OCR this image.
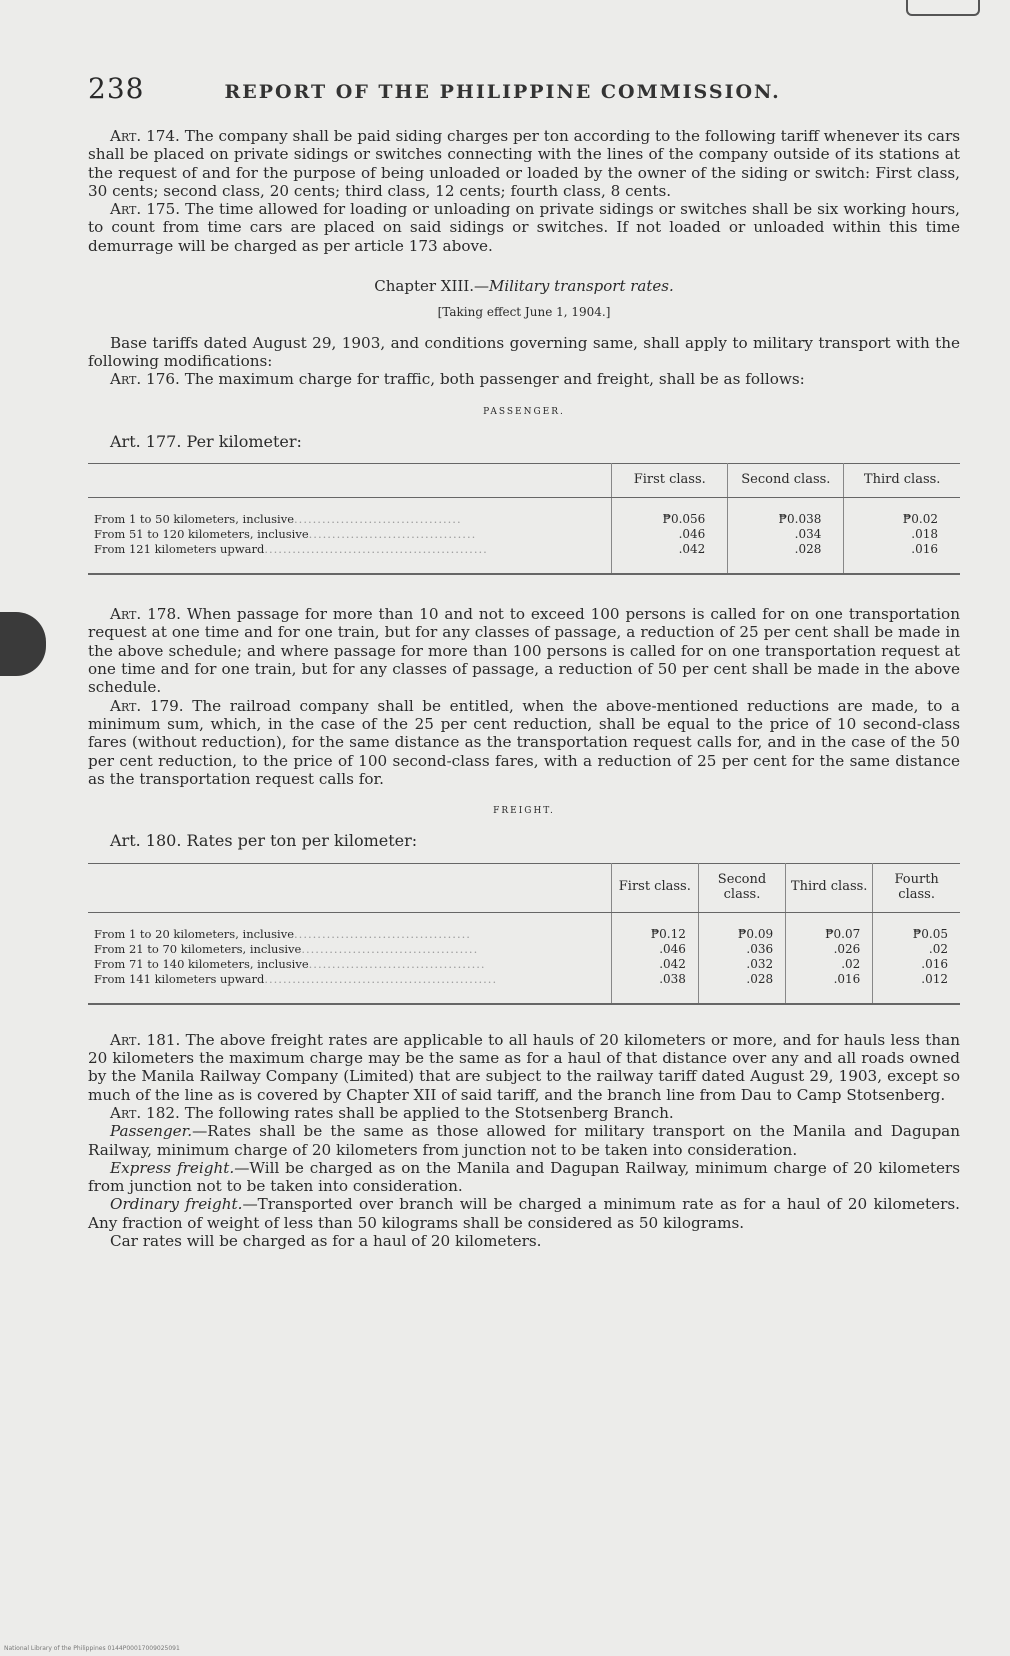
238	REPORT OF THE PHILIPPINE COMMISSION.

Art. 174. The company shall be paid siding charges per ton according to the following tariff whenever its cars shall be placed on private sidings or switches connecting with the lines of the company outside of its stations at the request of and for the purpose of being unloaded or loaded by the owner of the siding or switch: First class, 30 cents; second class, 20 cents; third class, 12 cents; fourth class, 8 cents.

Art. 175. The time allowed for loading or unloading on private sidings or switches shall be six working hours, to count from time cars are placed on said sidings or switches. If not loaded or unloaded within this time demurrage will be charged as per article 173 above.

Chapter XIII.—Military transport rates.

[Taking effect June 1, 1904.]

Base tariffs dated August 29, 1903, and conditions governing same, shall apply to military transport with the following modifications:

Art. 176. The maximum charge for traffic, both passenger and freight, shall be as follows:

PASSENGER.

Art. 177. Per kilometer:

	First class.	Second class.	Third class.
From 1 to 50 kilometers, inclusive....................................	₱0.056	₱0.038	₱0.02
From 51 to 120 kilometers, inclusive....................................	.046	.034	.018
From 121 kilometers upward................................................	.042	.028	.016

Art. 178. When passage for more than 10 and not to exceed 100 persons is called for on one transportation request at one time and for one train, but for any classes of passage, a reduction of 25 per cent shall be made in the above schedule; and where passage for more than 100 persons is called for on one transportation request at one time and for one train, but for any classes of passage, a reduction of 50 per cent shall be made in the above schedule.

Art. 179. The railroad company shall be entitled, when the above-mentioned reductions are made, to a minimum sum, which, in the case of the 25 per cent reduction, shall be equal to the price of 10 second-class fares (without reduction), for the same distance as the transportation request calls for, and in the case of the 50 per cent reduction, to the price of 100 second-class fares, with a reduction of 25 per cent for the same distance as the transportation request calls for.

FREIGHT.

Art. 180. Rates per ton per kilometer:

	First class.	Second class.	Third class.	Fourth class.
From 1 to 20 kilometers, inclusive......................................	₱0.12	₱0.09	₱0.07	₱0.05
From 21 to 70 kilometers, inclusive......................................	.046	.036	.026	.02
From 71 to 140 kilometers, inclusive......................................	.042	.032	.02	.016
From 141 kilometers upward..................................................	.038	.028	.016	.012

Art. 181. The above freight rates are applicable to all hauls of 20 kilometers or more, and for hauls less than 20 kilometers the maximum charge may be the same as for a haul of that distance over any and all roads owned by the Manila Railway Company (Limited) that are subject to the railway tariff dated August 29, 1903, except so much of the line as is covered by Chapter XII of said tariff, and the branch line from Dau to Camp Stotsenberg.

Art. 182. The following rates shall be applied to the Stotsenberg Branch.

Passenger.—Rates shall be the same as those allowed for military transport on the Manila and Dagupan Railway, minimum charge of 20 kilometers from junction not to be taken into consideration.

Express freight.—Will be charged as on the Manila and Dagupan Railway, minimum charge of 20 kilometers from junction not to be taken into consideration.

Ordinary freight.—Transported over branch will be charged a minimum rate as for a haul of 20 kilometers. Any fraction of weight of less than 50 kilograms shall be considered as 50 kilograms.

Car rates will be charged as for a haul of 20 kilometers.

National Library of the Philippines 0144P00017009025091
